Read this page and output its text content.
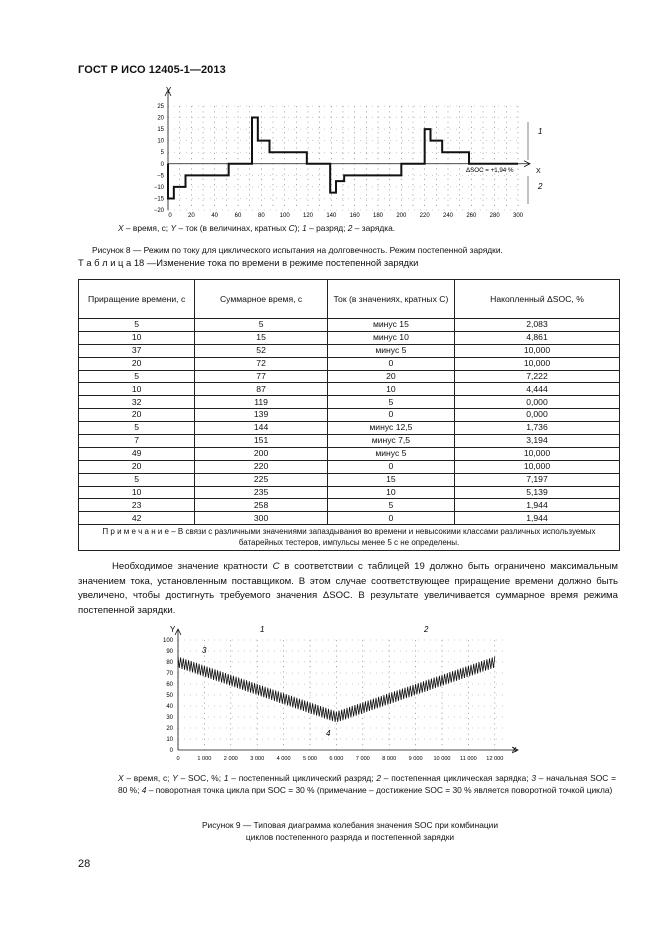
ГОСТ Р ИСО 12405-1—2013
25
20
15
10
5
0
−5
−10
−15
−20
0	20	40	60	80 100 120 140 160 180 200 220 240 260 280 300
Y
X
ΔSOC = +1,94 %
1
2
X – время, с; Y – ток (в величинах, кратных C); 1 – разряд; 2 – зарядка.
Рисунок 8 — Режим по току для циклического испытания на долговечность. Режим постепенной зарядки.
Т а б л и ц а 18 —Изменение тока по времени в режиме постепенной зарядки
Приращение времени, с	Суммарное время, с	Ток (в значениях, кратных C)	Накопленный ΔSOC, %
5	5	минус 15	2,083
10	15	минус 10	4,861
37	52	минус 5	10,000
20	72	0	10,000
5	77	20	7,222
10	87	10	4,444
32	119	5	0,000
20	139	0	0,000
5	144	минус 12,5	1,736
7	151	минус 7,5	3,194
49	200	минус 5	10,000
20	220	0	10,000
5	225	15	7,197
10	235	10	5,139
23	258	5	1,944
42	300	0	1,944
П р и м е ч а н и е – В связи с различными значениями запаздывания во времени и невысокими классами различных используемых батарейных тестеров, импульсы менее 5 с не определены.			
Необходимое значение кратности C в соответствии с таблицей 19 должно быть ограничено максимальным значением тока, установленным поставщиком. В этом случае соответствующее приращение времени должно быть увеличено, чтобы достигнуть требуемого значения ΔSOC. В результате увеличивается суммарное время режима постепенной зарядки.
100
90
80
70
60
50
40
30
20
10
0
0	1 000 2 000 3 000 4 000 5 000 6 000 7 000 8 000 9 000 10 000 11 000 12 000
Y
X
1	2
3
4
X – время, с; Y – SOC, %; 1 – постепенный циклический разряд; 2 – постепенная циклическая зарядка; 3 – начальная SOC = 80 %; 4 – поворотная точка цикла при SOC = 30 % (примечание – достижение SOC = 30 % является поворотной точкой цикла)
Рисунок 9 — Типовая диаграмма колебания значения SOC при комбинации
циклов постепенного разряда и постепенной зарядки
28
